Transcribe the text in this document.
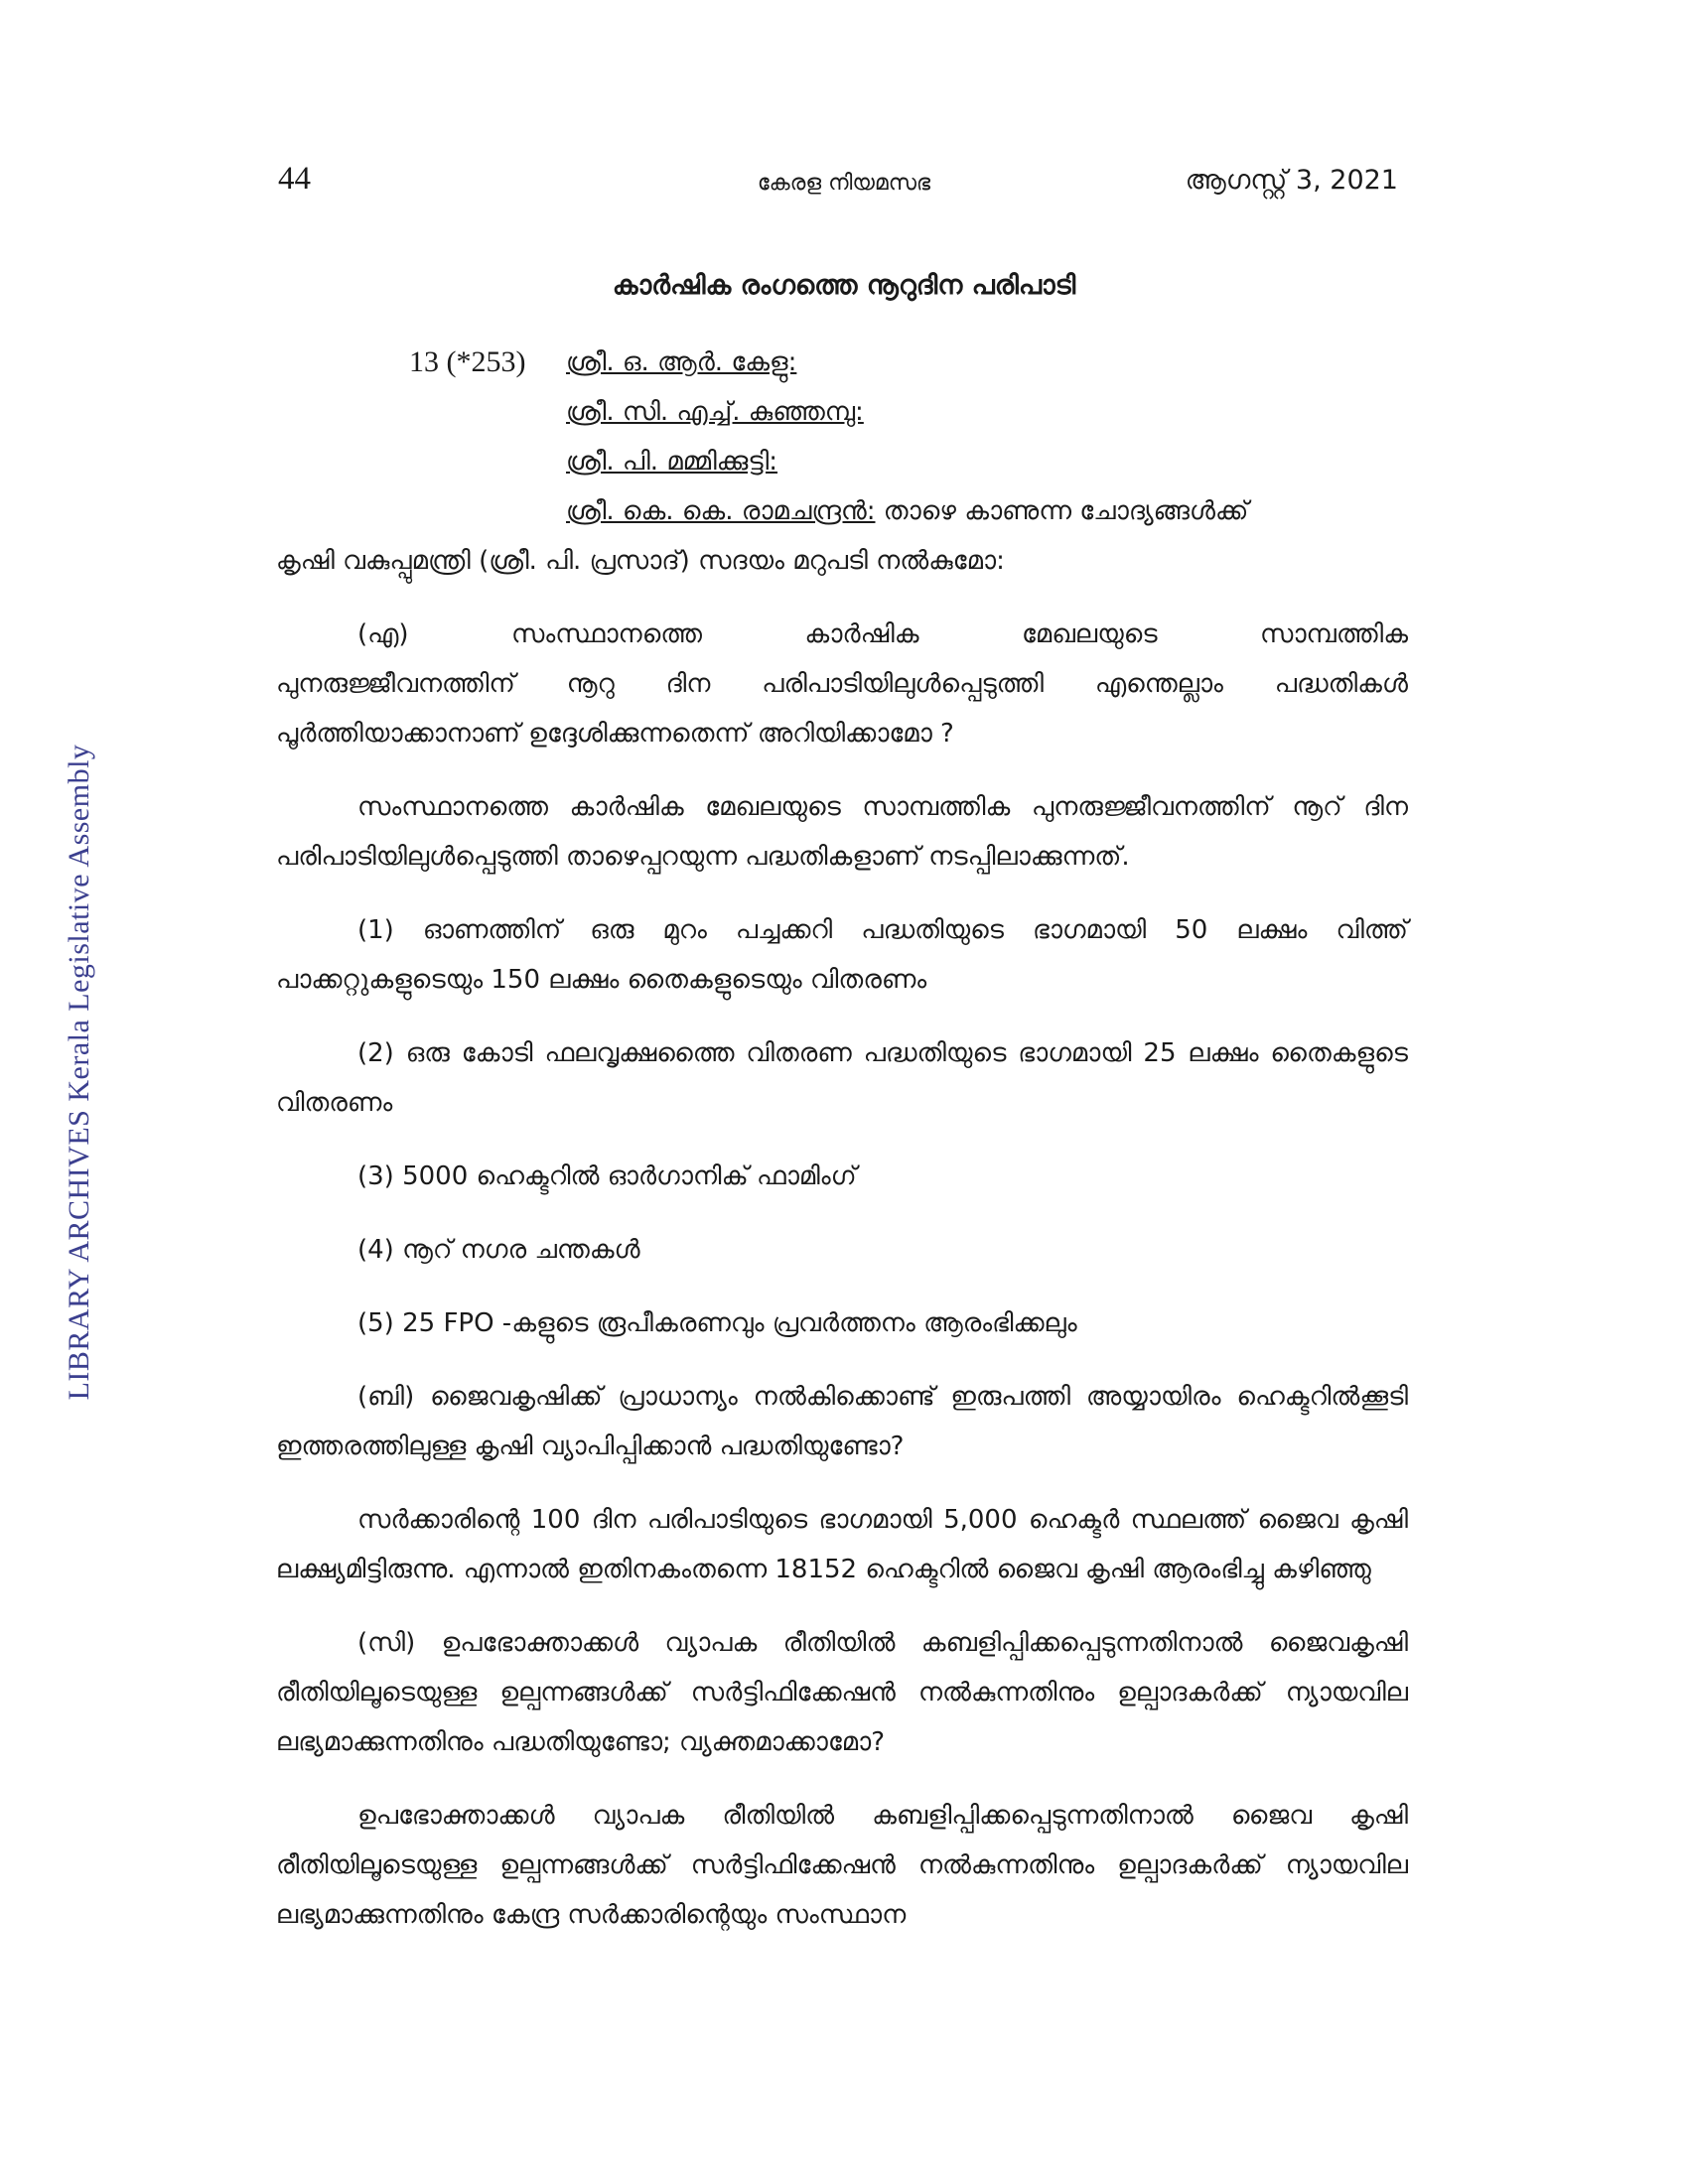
LIBRARY ARCHIVES Kerala Legislative Assembly
44	കേരള നിയമസഭ	ആഗസ്റ്റ് 3, 2021
കാർഷിക രംഗത്തെ നൂറുദിന പരിപാടി
13 (*253) ശ്രീ. ഒ. ആർ. കേളു:
ശ്രീ. സി. എച്ച്. കുഞ്ഞമ്പു:
ശ്രീ. പി. മമ്മിക്കുട്ടി:
ശ്രീ. കെ. കെ. രാമചന്ദ്രൻ: താഴെ കാണുന്ന ചോദ്യങ്ങൾക്ക്

കൃഷി വകുപ്പുമന്ത്രി (ശ്രീ. പി. പ്രസാദ്) സദയം മറുപടി നൽകുമോ:

(എ) സംസ്ഥാനത്തെ കാർഷിക മേഖലയുടെ സാമ്പത്തിക

പുനരുജ്ജീവനത്തിന് നൂറു ദിന പരിപാടിയിലുൾപ്പെടുത്തി എന്തെല്ലാം പദ്ധതികൾ പൂർത്തിയാക്കാനാണ് ഉദ്ദേശിക്കുന്നതെന്ന് അറിയിക്കാമോ ?

സംസ്ഥാനത്തെ കാർഷിക മേഖലയുടെ സാമ്പത്തിക പുനരുജ്ജീവനത്തിന് നൂറ് ദിന പരിപാടിയിലുൾപ്പെടുത്തി താഴെപ്പറയുന്ന പദ്ധതികളാണ് നടപ്പിലാക്കുന്നത്.

(1) ഓണത്തിന് ഒരു മുറം പച്ചക്കറി പദ്ധതിയുടെ ഭാഗമായി 50 ലക്ഷം വിത്ത് പാക്കറ്റുകളുടെയും 150 ലക്ഷം തൈകളുടെയും വിതരണം

(2) ഒരു കോടി ഫലവൃക്ഷത്തൈ വിതരണ പദ്ധതിയുടെ ഭാഗമായി 25 ലക്ഷം തൈകളുടെ വിതരണം

(3) 5000 ഹെക്ടറിൽ ഓർഗാനിക് ഫാമിംഗ്

(4) നൂറ് നഗര ചന്തകൾ

(5) 25 FPO -കളുടെ രൂപീകരണവും പ്രവർത്തനം ആരംഭിക്കലും

(ബി) ജൈവകൃഷിക്ക് പ്രാധാന്യം നൽകിക്കൊണ്ട് ഇരുപത്തി അയ്യായിരം ഹെക്ടറിൽക്കൂടി ഇത്തരത്തിലുള്ള കൃഷി വ്യാപിപ്പിക്കാൻ പദ്ധതിയുണ്ടോ?

സർക്കാരിന്റെ 100 ദിന പരിപാടിയുടെ ഭാഗമായി 5,000 ഹെക്ടർ സ്ഥലത്ത് ജൈവ കൃഷി ലക്ഷ്യമിട്ടിരുന്നു. എന്നാൽ ഇതിനകംതന്നെ 18152 ഹെക്ടറിൽ ജൈവ കൃഷി ആരംഭിച്ചു കഴിഞ്ഞു

(സി) ഉപഭോക്താക്കൾ വ്യാപക രീതിയിൽ കബളിപ്പിക്കപ്പെടുന്നതിനാൽ ജൈവകൃഷി രീതിയിലൂടെയുള്ള ഉല്പന്നങ്ങൾക്ക് സർട്ടിഫിക്കേഷൻ നൽകുന്നതിനും ഉല്പാദകർക്ക് ന്യായവില ലഭ്യമാക്കുന്നതിനും പദ്ധതിയുണ്ടോ; വ്യക്തമാക്കാമോ?

ഉപഭോക്താക്കൾ വ്യാപക രീതിയിൽ കബളിപ്പിക്കപ്പെടുന്നതിനാൽ ജൈവ കൃഷി രീതിയിലൂടെയുള്ള ഉല്പന്നങ്ങൾക്ക് സർട്ടിഫിക്കേഷൻ നൽകുന്നതിനും ഉല്പാദകർക്ക് ന്യായവില ലഭ്യമാക്കുന്നതിനും കേന്ദ്ര സർക്കാരിന്റെയും സംസ്ഥാന
